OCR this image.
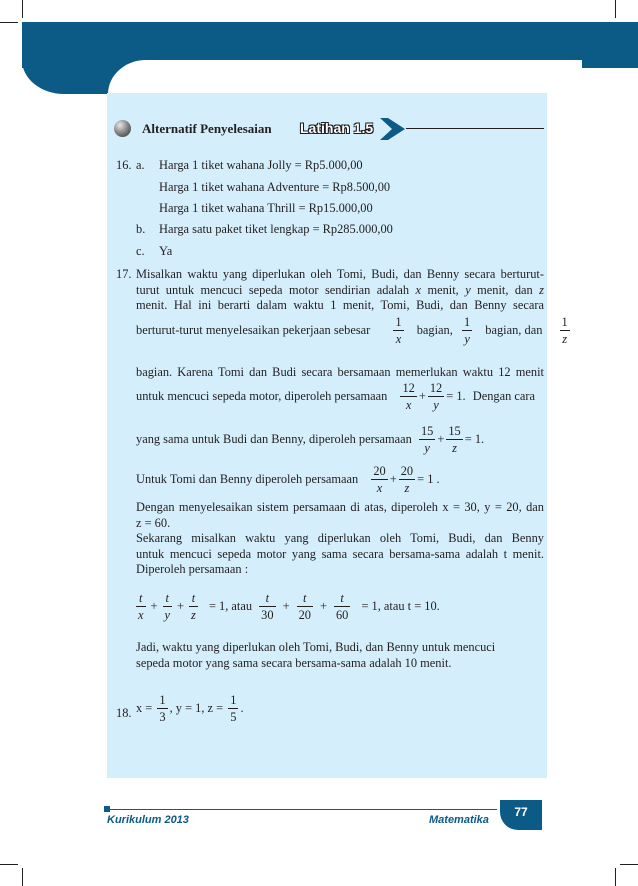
Alternatif Penyelesaian Latihan 1.5
16. a. Harga 1 tiket wahana Jolly = Rp5.000,00
Harga 1 tiket wahana Adventure = Rp8.500,00
Harga 1 tiket wahana Thrill = Rp15.000,00
b. Harga satu paket tiket lengkap = Rp285.000,00
c. Ya
17. Misalkan waktu yang diperlukan oleh Tomi, Budi, dan Benny secara berturut-
turut untuk mencuci sepeda motor sendirian adalah x menit, y menit, dan z
menit. Hal ini berarti dalam waktu 1 menit, Tomi, Budi, dan Benny secara
berturut-turut menyelesaikan pekerjaan sebesar $\frac{1}{x}$ bagian, $\frac{1}{y}$ bagian, dan $\frac{1}{z}$
bagian. Karena Tomi dan Budi secara bersamaan memerlukan waktu 12 menit
untuk mencuci sepeda motor, diperoleh persamaan $\frac{12}{x} + \frac{12}{y} = 1$. Dengan cara
yang sama untuk Budi dan Benny, diperoleh persamaan $\frac{15}{y} + \frac{15}{z} = 1$.
Untuk Tomi dan Benny diperoleh persamaan $\frac{20}{x} + \frac{20}{z} = 1$ .
Dengan menyelesaikan sistem persamaan di atas, diperoleh x = 30, y = 20, dan
z = 60.
Sekarang misalkan waktu yang diperlukan oleh Tomi, Budi, dan Benny
untuk mencuci sepeda motor yang sama secara bersama-sama adalah t menit.
Diperoleh persamaan :
$\frac{t}{x} + \frac{t}{y} + \frac{t}{z} = 1$, atau $\frac{t}{30} + \frac{t}{20} + \frac{t}{60} = 1$, atau t = 10.
Jadi, waktu yang diperlukan oleh Tomi, Budi, dan Benny untuk mencuci
sepeda motor yang sama secara bersama-sama adalah 10 menit.
18. $x = \frac{1}{3}$ , y = 1, $z = \frac{1}{5}$ .
Kurikulum 2013	Matematika
77
